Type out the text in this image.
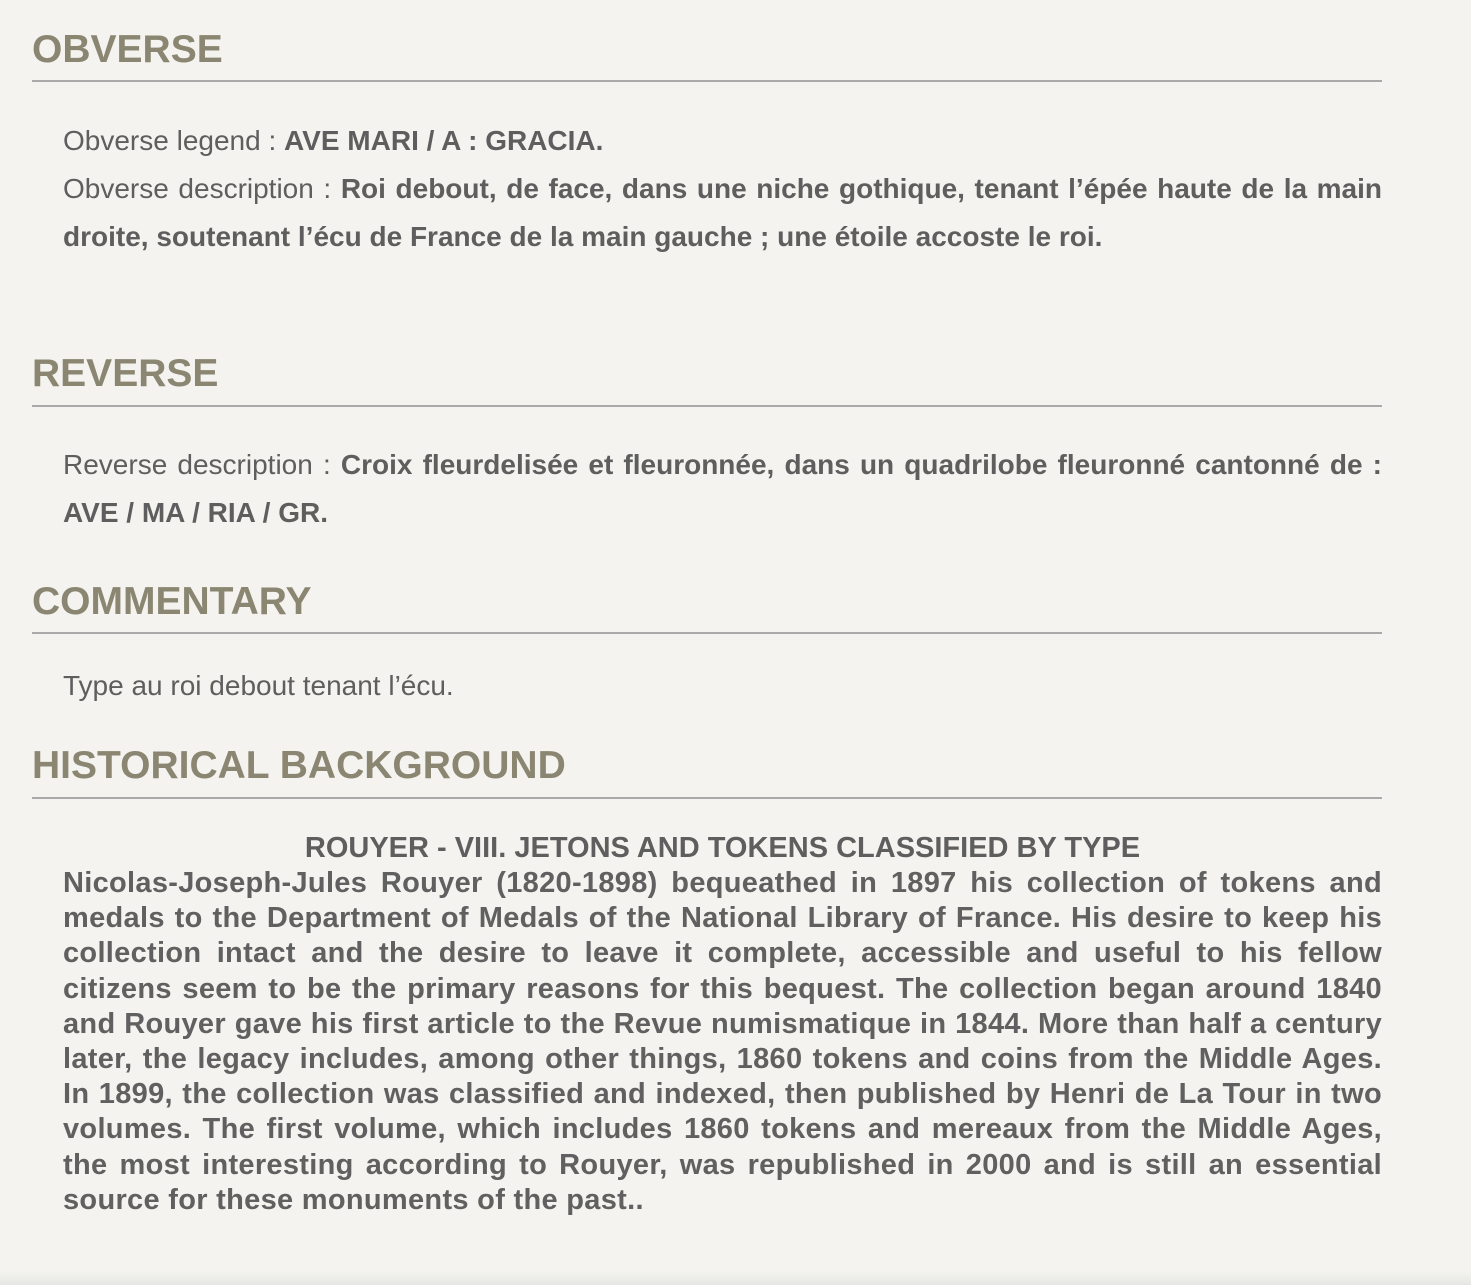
OBVERSE
Obverse legend : AVE MARI / A : GRACIA.
Obverse description : Roi debout, de face, dans une niche gothique, tenant l’épée haute de la main droite, soutenant l’écu de France de la main gauche ; une étoile accoste le roi.
REVERSE
Reverse description : Croix fleurdelisée et fleuronnée, dans un quadrilobe fleuronné cantonné de : AVE / MA / RIA / GR.
COMMENTARY
Type au roi debout tenant l’écu.
HISTORICAL BACKGROUND
ROUYER - VIII. JETONS AND TOKENS CLASSIFIED BY TYPE
Nicolas-Joseph-Jules Rouyer (1820-1898) bequeathed in 1897 his collection of tokens and medals to the Department of Medals of the National Library of France. His desire to keep his collection intact and the desire to leave it complete, accessible and useful to his fellow citizens seem to be the primary reasons for this bequest. The collection began around 1840 and Rouyer gave his first article to the Revue numismatique in 1844. More than half a century later, the legacy includes, among other things, 1860 tokens and coins from the Middle Ages. In 1899, the collection was classified and indexed, then published by Henri de La Tour in two volumes. The first volume, which includes 1860 tokens and mereaux from the Middle Ages, the most interesting according to Rouyer, was republished in 2000 and is still an essential source for these monuments of the past..
